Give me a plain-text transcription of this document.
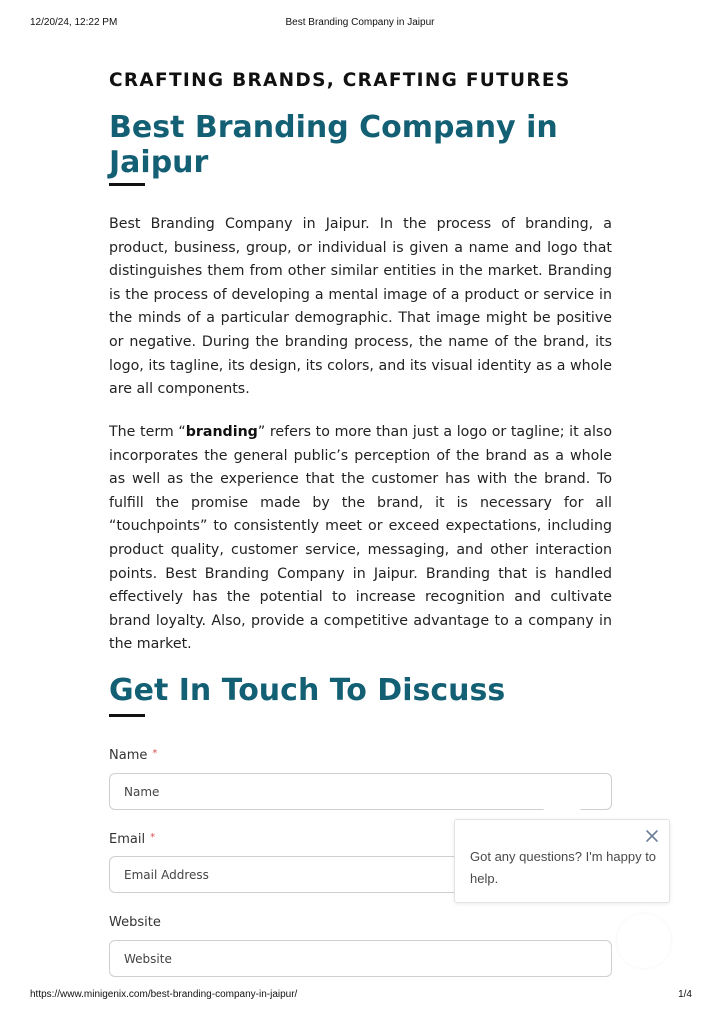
12/20/24, 12:22 PM	Best Branding Company in Jaipur
CRAFTING BRANDS, CRAFTING FUTURES
Best Branding Company in Jaipur

Best Branding Company in Jaipur. In the process of branding, a product, business, group, or individual is given a name and logo that distinguishes them from other similar entities in the market. Branding is the process of developing a mental image of a product or service in the minds of a particular demographic. That image might be positive or negative. During the branding process, the name of the brand, its logo, its tagline, its design, its colors, and its visual identity as a whole are all components.

The term “branding” refers to more than just a logo or tagline; it also incorporates the general public’s perception of the brand as a whole as well as the experience that the customer has with the brand. To fulfill the promise made by the brand, it is necessary for all “touchpoints” to consistently meet or exceed expectations, including product quality, customer service, messaging, and other interaction points. Best Branding Company in Jaipur. Branding that is handled effectively has the potential to increase recognition and cultivate brand loyalty. Also, provide a competitive advantage to a company in the market.

Get In Touch To Discuss
Name *
Name
Email *
Email Address
Website
Website

Got any questions? I'm happy to help.

https://www.minigenix.com/best-branding-company-in-jaipur/	1/4
